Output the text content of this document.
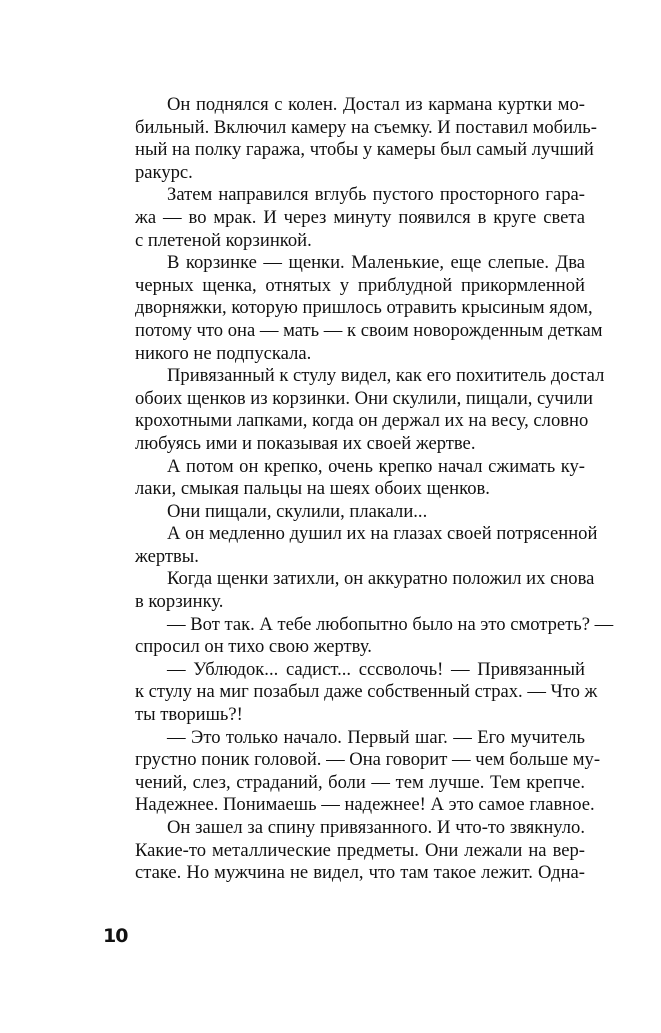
Он поднялся с колен. Достал из кармана куртки мо-
бильный. Включил камеру на съемку. И поставил мобиль-
ный на полку гаража, чтобы у камеры был самый лучший
ракурс.
Затем направился вглубь пустого просторного гара-
жа — во мрак. И через минуту появился в круге света
с плетеной корзинкой.
В корзинке — щенки. Маленькие, еще слепые. Два
черных щенка, отнятых у приблудной прикормленной
дворняжки, которую пришлось отравить крысиным ядом,
потому что она — мать — к своим новорожденным деткам
никого не подпускала.
Привязанный к стулу видел, как его похититель достал
обоих щенков из корзинки. Они скулили, пищали, сучили
крохотными лапками, когда он держал их на весу, словно
любуясь ими и показывая их своей жертве.
А потом он крепко, очень крепко начал сжимать ку-
лаки, смыкая пальцы на шеях обоих щенков.
Они пищали, скулили, плакали...
А он медленно душил их на глазах своей потрясенной
жертвы.
Когда щенки затихли, он аккуратно положил их снова
в корзинку.
— Вот так. А тебе любопытно было на это смотреть? —
спросил он тихо свою жертву.
— Ублюдок... садист... сссволочь! — Привязанный
к стулу на миг позабыл даже собственный страх. — Что ж
ты творишь?!
— Это только начало. Первый шаг. — Его мучитель
грустно поник головой. — Она говорит — чем больше му-
чений, слез, страданий, боли — тем лучше. Тем крепче.
Надежнее. Понимаешь — надежнее! А это самое главное.
Он зашел за спину привязанного. И что-то звякнуло.
Какие-то металлические предметы. Они лежали на вер-
стаке. Но мужчина не видел, что там такое лежит. Одна-
10
